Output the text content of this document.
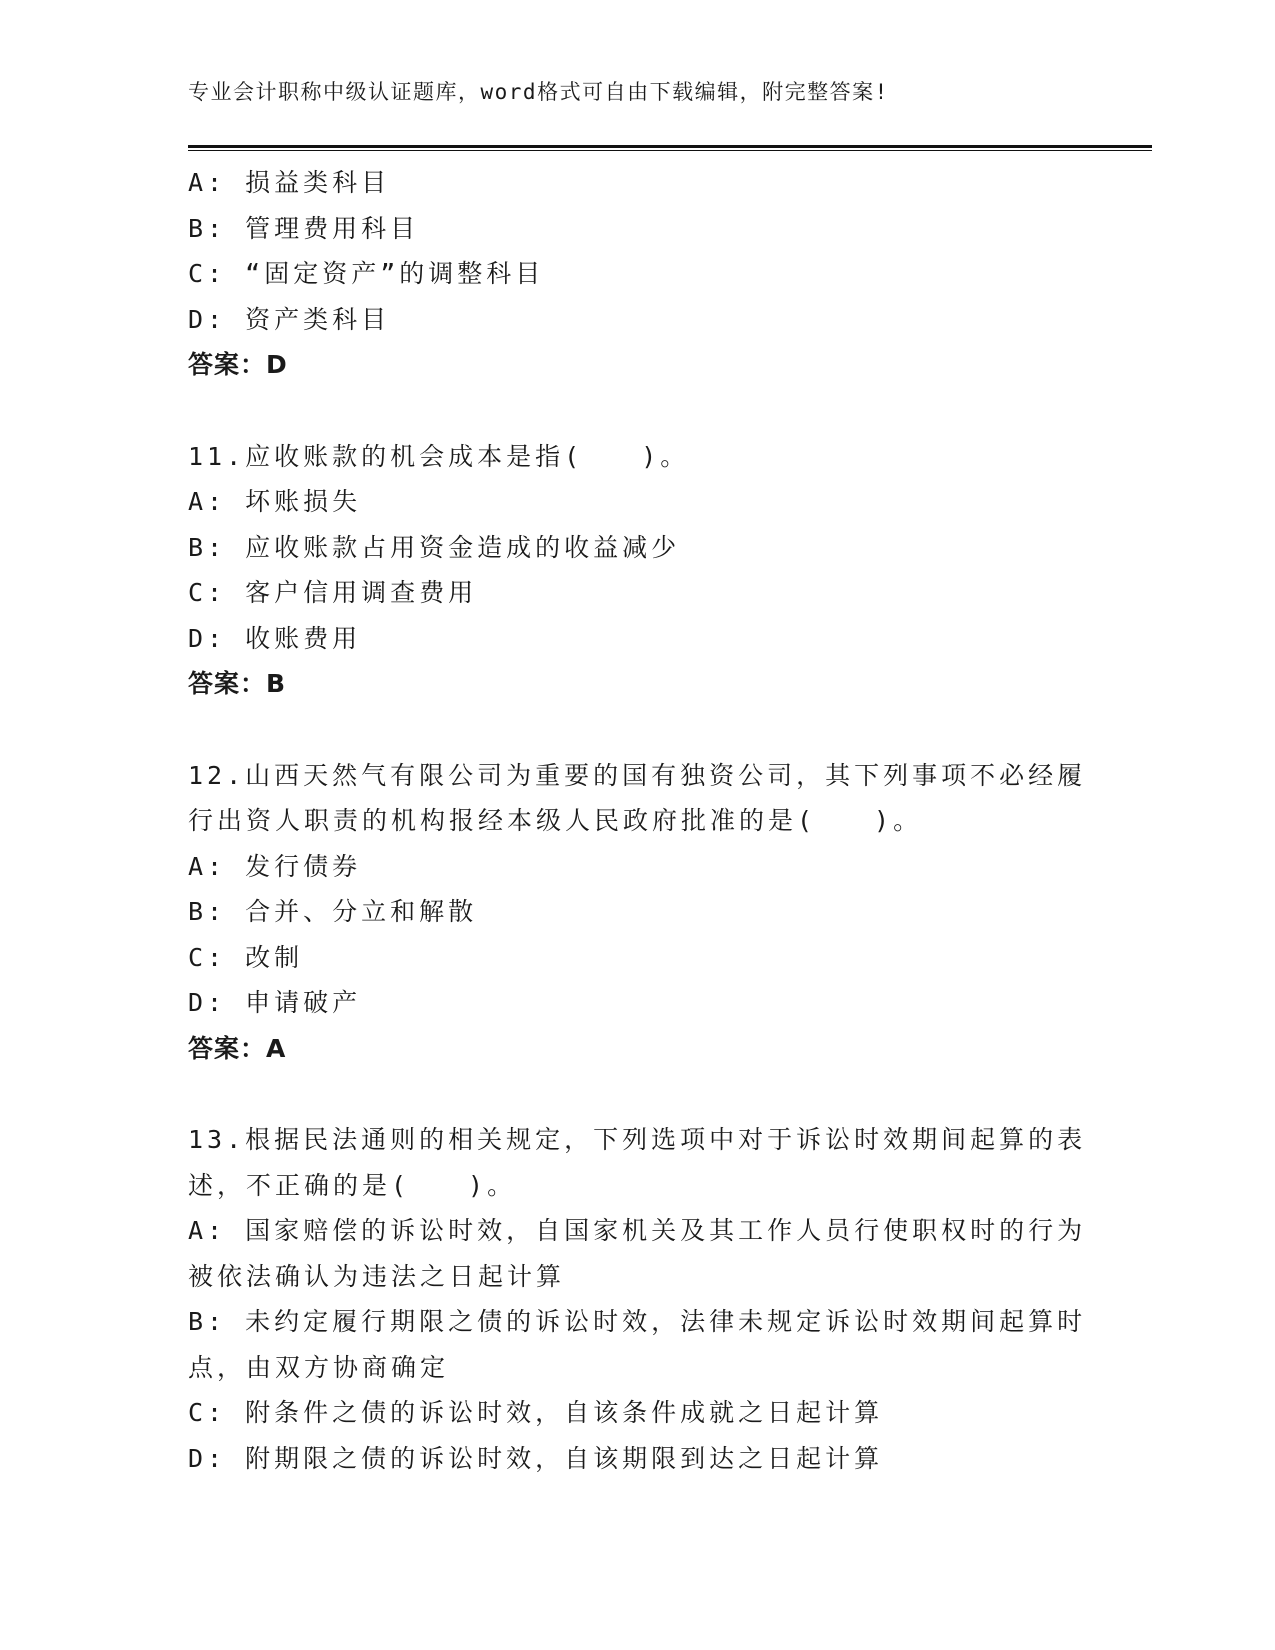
专业会计职称中级认证题库，word格式可自由下载编辑，附完整答案!
A: 损益类科目
B: 管理费用科目
C: “固定资产”的调整科目
D: 资产类科目
答案：D
11.应收账款的机会成本是指(　　)。
A: 坏账损失
B: 应收账款占用资金造成的收益减少
C: 客户信用调查费用
D: 收账费用
答案：B
12.山西天然气有限公司为重要的国有独资公司，其下列事项不必经履
行出资人职责的机构报经本级人民政府批准的是(　　)。
A: 发行债券
B: 合并、分立和解散
C: 改制
D: 申请破产
答案：A
13.根据民法通则的相关规定，下列选项中对于诉讼时效期间起算的表
述，不正确的是(　　)。
A: 国家赔偿的诉讼时效，自国家机关及其工作人员行使职权时的行为
被依法确认为违法之日起计算
B: 未约定履行期限之债的诉讼时效，法律未规定诉讼时效期间起算时
点，由双方协商确定
C: 附条件之债的诉讼时效，自该条件成就之日起计算
D: 附期限之债的诉讼时效，自该期限到达之日起计算
